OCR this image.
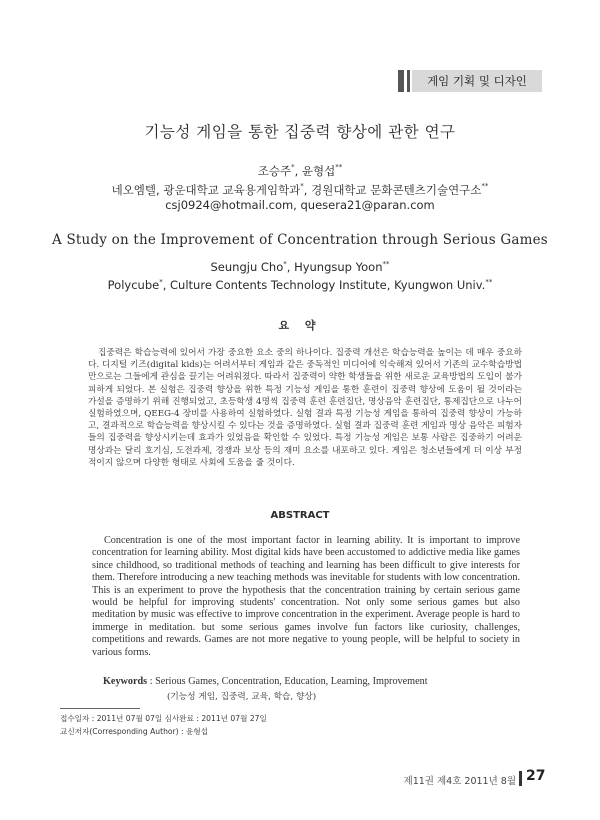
게임 기획 및 디자인
기능성 게임을 통한 집중력 향상에 관한 연구
조승주*, 윤형섭**
네오엠텔, 광운대학교 교육용게임학과*, 경원대학교 문화콘텐츠기술연구소**
csj0924@hotmail.com, quesera21@paran.com
A Study on the Improvement of Concentration through Serious Games
Seungju Cho*, Hyungsup Yoon**
Polycube*, Culture Contents Technology Institute, Kyungwon Univ.**
요 약
집중력은 학습능력에 있어서 가장 중요한 요소 중의 하나이다. 집중력 개선은 학습능력을 높이는 데 매우 중요하다. 디지털 키즈(digital kids)는 어려서부터 게임과 같은 중독적인 미디어에 익숙해져 있어서 기존의 교수학습방법만으로는 그들에게 관심을 끌기는 어려워졌다. 따라서 집중력이 약한 학생들을 위한 새로운 교육방법의 도입이 불가피하게 되었다. 본 실험은 집중력 향상을 위한 특정 기능성 게임을 통한 훈련이 집중력 향상에 도움이 될 것이라는 가설을 증명하기 위해 진행되었고, 초등학생 4명씩 집중력 훈련 훈련집단, 명상음악 훈련집단, 통제집단으로 나누어 실험하였으며, QEEG-4 장비를 사용하여 실험하였다. 실험 결과 특정 기능성 게임을 통하여 집중력 향상이 가능하고, 결과적으로 학습능력을 향상시킬 수 있다는 것을 증명하였다. 실험 결과 집중력 훈련 게임과 명상 음악은 피험자들의 집중력을 향상시키는데 효과가 있었음을 확인할 수 있었다. 특정 기능성 게임은 보통 사람은 집중하기 어려운 명상과는 달리 호기심, 도전과제, 경쟁과 보상 등의 재미 요소를 내포하고 있다. 게임은 청소년들에게 더 이상 부정적이지 않으며 다양한 형태로 사회에 도움을 줄 것이다.
ABSTRACT
Concentration is one of the most important factor in learning ability. It is important to improve concentration for learning ability. Most digital kids have been accustomed to addictive media like games since childhood, so traditional methods of teaching and learning has been difficult to give interests for them. Therefore introducing a new teaching methods was inevitable for students with low concentration. This is an experiment to prove the hypothesis that the concentration training by certain serious game would be helpful for improving students' concentration. Not only some serious games but also meditation by music was effective to improve concentration in the experiment. Average people is hard to immergе in meditation. but some serious games involve fun factors like curiosity, challenges, competitions and rewards. Games are not more negative to young people, will be helpful to society in various forms.
Keywords : Serious Games, Concentration, Education, Learning, Improvement
(기능성 게임, 집중력, 교육, 학습, 향상)
접수일자 : 2011년 07월 07일 심사완료 : 2011년 07월 27일
교신저자(Corresponding Author) : 윤형섭
제11권 제4호 2011년 8월 27
